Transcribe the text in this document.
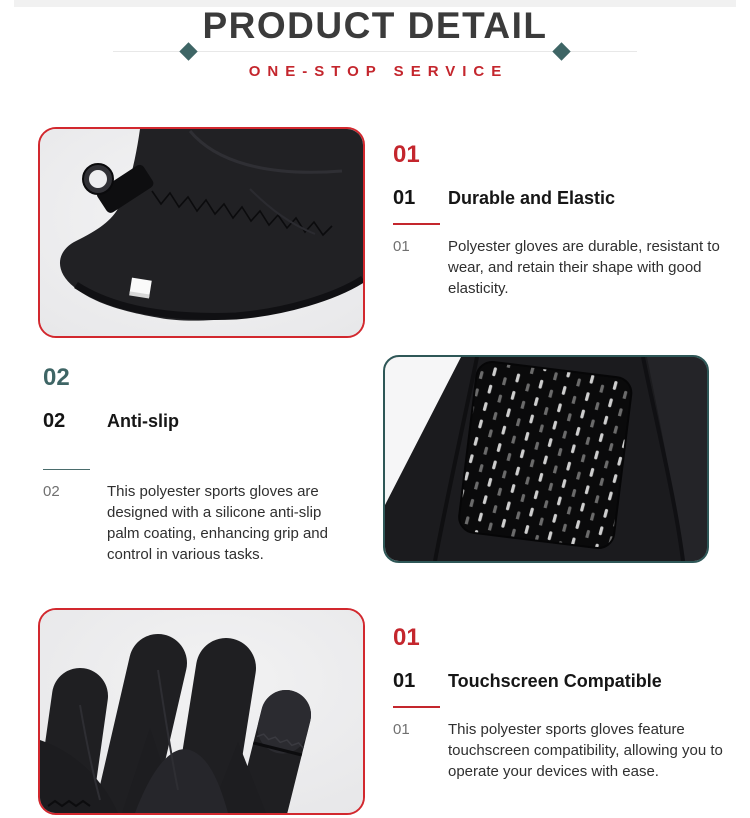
PRODUCT DETAIL

ONE-STOP SERVICE

01
01	Durable and Elastic
01	Polyester gloves are durable, resistant to wear, and retain their shape with good elasticity.

02
02	Anti-slip
02	This polyester sports gloves are designed with a silicone anti-slip palm coating, enhancing grip and control in various tasks.

01
01	Touchscreen Compatible
01	This polyester sports gloves feature touchscreen compatibility, allowing you to operate your devices with ease.
